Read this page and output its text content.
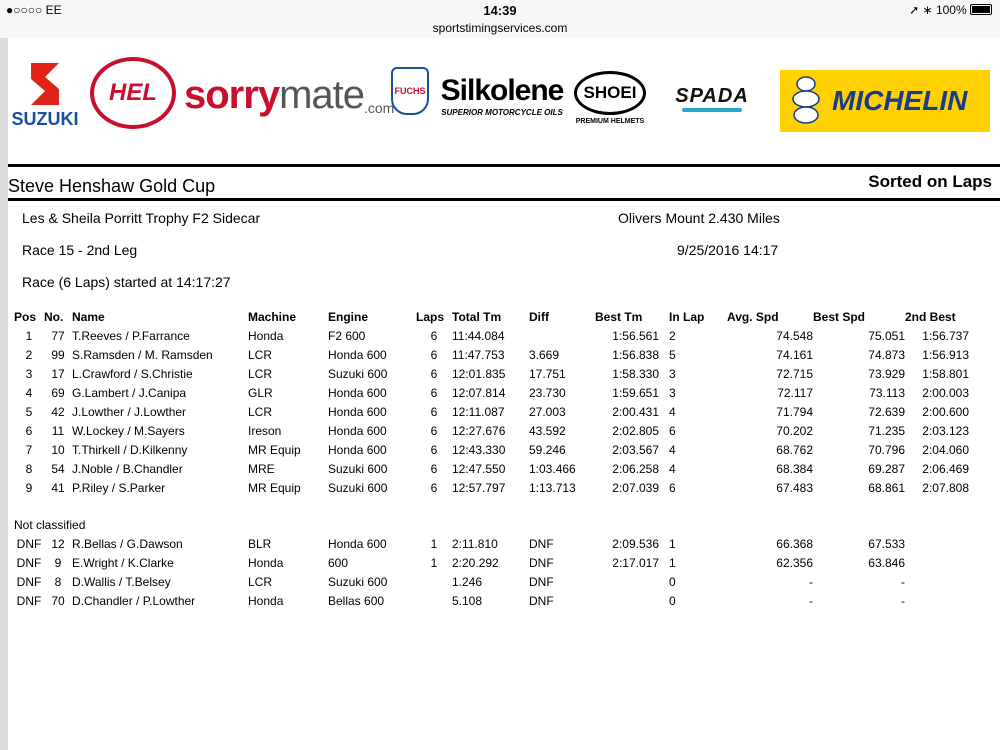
●○○○○ EE	14:39	➚ ∗ 100%
sportstimingservices.com
SUZUKI
HEL sorry mate .com
FUCHS Silkolene
SUPERIOR MOTORCYCLE OILS
SHOEI
PREMIUM HELMETS
SPADA	MICHELIN
Steve Henshaw Gold Cup	Sorted on Laps
Les & Sheila Porritt Trophy F2 Sidecar	Olivers Mount 2.430 Miles
Race 15 - 2nd Leg	9/25/2016 14:17
Race (6 Laps) started at 14:17:27
Pos	No.	Name	Machine	Engine	Laps	Total Tm	Diff	Best Tm	In Lap	Avg. Spd	Best Spd	2nd Best
1	77	T.Reeves / P.Farrance	Honda	F2 600	6	11:44.084		1:56.561	2	74.548	75.051	1:56.737
2	99	S.Ramsden / M. Ramsden	LCR	Honda 600	6	11:47.753	3.669	1:56.838	5	74.161	74.873	1:56.913
3	17	L.Crawford / S.Christie	LCR	Suzuki 600	6	12:01.835	17.751	1:58.330	3	72.715	73.929	1:58.801
4	69	G.Lambert / J.Canipa	GLR	Honda 600	6	12:07.814	23.730	1:59.651	3	72.117	73.113	2:00.003
5	42	J.Lowther / J.Lowther	LCR	Honda 600	6	12:11.087	27.003	2:00.431	4	71.794	72.639	2:00.600
6	11	W.Lockey / M.Sayers	Ireson	Honda 600	6	12:27.676	43.592	2:02.805	6	70.202	71.235	2:03.123
7	10	T.Thirkell / D.Kilkenny	MR Equip	Honda 600	6	12:43.330	59.246	2:03.567	4	68.762	70.796	2:04.060
8	54	J.Noble / B.Chandler	MRE	Suzuki 600	6	12:47.550	1:03.466	2:06.258	4	68.384	69.287	2:06.469
9	41	P.Riley / S.Parker	MR Equip	Suzuki 600	6	12:57.797	1:13.713	2:07.039	6	67.483	68.861	2:07.808
Not classified
DNF	12	R.Bellas / G.Dawson	BLR	Honda 600	1	2:11.810	DNF	2:09.536	1	66.368	67.533	
DNF	9	E.Wright / K.Clarke	Honda	600	1	2:20.292	DNF	2:17.017	1	62.356	63.846	
DNF	8	D.Wallis / T.Belsey	LCR	Suzuki 600		1.246	DNF		0	-	-	
DNF	70	D.Chandler / P.Lowther	Honda	Bellas 600		5.108	DNF		0	-	-	
